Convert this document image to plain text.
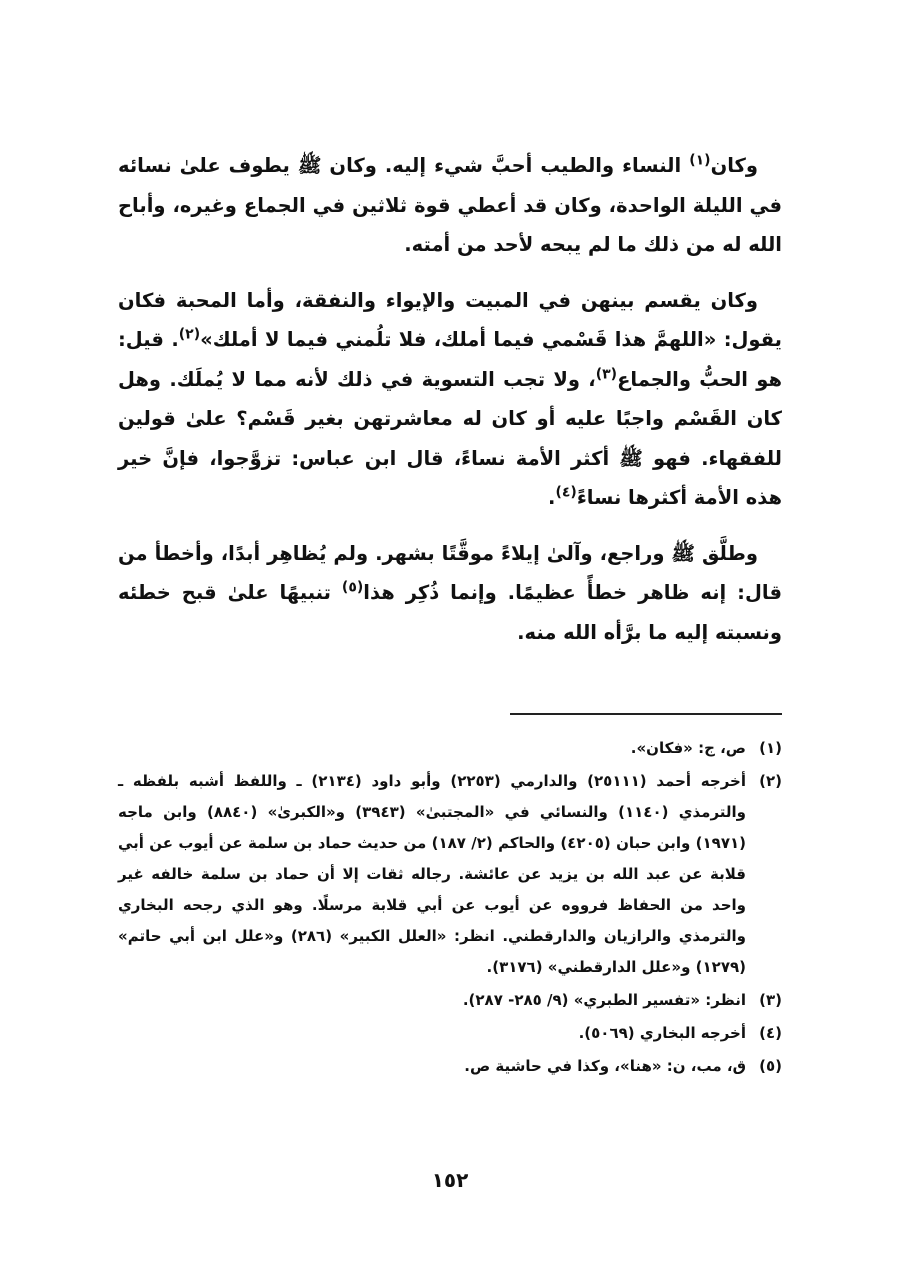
وكان$^{(١)}$ النساء والطيب أحبَّ شيء إليه. وكان ﷺ يطوف علىٰ نسائه في الليلة الواحدة، وكان قد أعطي قوة ثلاثين في الجماع وغيره، وأباح الله له من ذلك ما لم يبحه لأحد من أمته.

وكان يقسم بينهن في المبيت والإيواء والنفقة، وأما المحبة فكان يقول: «اللهمَّ هذا قَسْمي فيما أملك، فلا تلُمني فيما لا أملك»$^{(٢)}$. قيل: هو الحبُّ والجماع$^{(٣)}$، ولا تجب التسوية في ذلك لأنه مما لا يُملَك. وهل كان القَسْم واجبًا عليه أو كان له معاشرتهن بغير قَسْم؟ علىٰ قولين للفقهاء. فهو ﷺ أكثر الأمة نساءً، قال ابن عباس: تزوَّجوا، فإنَّ خير هذه الأمة أكثرها نساءً$^{(٤)}$.

وطلَّق ﷺ وراجع، وآلىٰ إيلاءً موقَّتًا بشهر. ولم يُظاهِر أبدًا، وأخطأ من قال: إنه ظاهر خطأً عظيمًا. وإنما ذُكِر هذا$^{(٥)}$ تنبيهًا علىٰ قبح خطئه ونسبته إليه ما برَّأه الله منه.

(١)
ص، ج: «فكان».
(٢)
أخرجه أحمد (٢٥١١١) والدارمي (٢٢٥٣) وأبو داود (٢١٣٤) ـ واللفظ أشبه بلفظه ـ والترمذي (١١٤٠) والنسائي في «المجتبىٰ» (٣٩٤٣) و«الكبرىٰ» (٨٨٤٠) وابن ماجه (١٩٧١) وابن حبان (٤٢٠٥) والحاكم (٢/ ١٨٧) من حديث حماد بن سلمة عن أيوب عن أبي قلابة عن عبد الله بن يزيد عن عائشة. رجاله ثقات إلا أن حماد بن سلمة خالفه غير واحد من الحفاظ فرووه عن أيوب عن أبي قلابة مرسلًا. وهو الذي رجحه البخاري والترمذي والرازيان والدارقطني. انظر: «العلل الكبير» (٢٨٦) و«علل ابن أبي حاتم» (١٢٧٩) و«علل الدارقطني» (٣١٧٦).
(٣)
انظر: «تفسير الطبري» (٩/ ٢٨٥- ٢٨٧).
(٤)
أخرجه البخاري (٥٠٦٩).
(٥)
ق، مب، ن: «هنا»، وكذا في حاشية ص.
١٥٢
